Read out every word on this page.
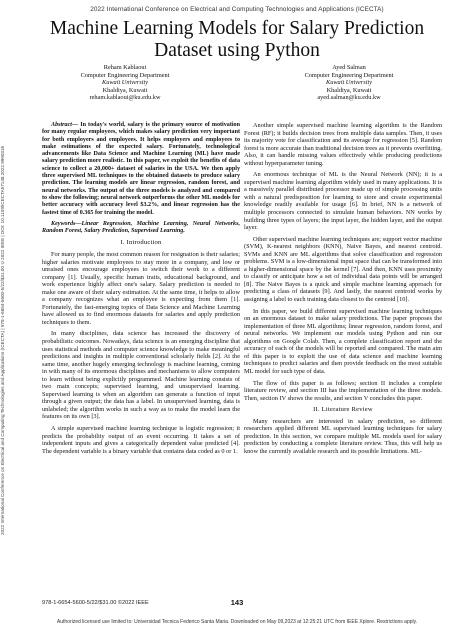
2022 International Conference on Electrical and Computing Technologies and Applications (ICECTA)
2022 International Conference on Electrical and Computing Technologies and Applications (ICECTA) | 978-1-6654-5600-5/22/$31.00 ©2022 IEEE | DOI: 10.1109/ICECTA57148.2022.9990316
Machine Learning Models for Salary Prediction Dataset using Python
Reham Kablaoui
Computer Engineering Department
Kuwait University
Khaldiya, Kuwait
reham.kablaoui@ku.edu.kw
Ayed Salman
Computer Engineering Department
Kuwait University
Khaldiya, Kuwait
ayed.salman@ku.edu.kw

Abstract— In today's world, salary is the primary source of motivation for many regular employees, which makes salary prediction very important for both employers and employees. It helps employers and employees to make estimations of the expected salary. Fortunately, technological advancements like Data Science and Machine Learning (ML) have made salary prediction more realistic. In this paper, we exploit the benefits of data science to collect a 20,000+ dataset of salaries in the USA. We then apply three supervised ML techniques to the obtained datasets to produce salary prediction. The learning models are linear regression, random forest, and neural networks. The output of the three models is analyzed and compared to show the following; neural network outperforms the other ML models for better accuracy with accuracy level $3.2%, and linear regression has the fastest time of 0.365 for training the model.

Keywords—Linear Regression, Machine Learning, Neural Networks, Random Forest, Salary Prediction, Supervised Learning.

I. Introduction

For many people, the most common reason for resignation is their salaries; higher salaries motivate employees to stay more in a company, and low or unraised ones encourage employees to switch their work to a different company [1]. Usually, specific human traits, educational background, and work experience highly affect one's salary. Salary prediction is needed to make one aware of their salary estimation. At the same time, it helps to allow a company recognizes what an employee is expecting from them [1]. Fortunately, the fast-emerging topics of Data Science and Machine Learning have allowed us to find enormous datasets for salaries and apply prediction techniques to them.

In many disciplines, data science has increased the discovery of probabilistic outcomes. Nowadays, data science is an emerging discipline that uses statistical methods and computer science knowledge to make meaningful predictions and insights in multiple conventional scholarly fields [2]. At the same time, another hugely emerging technology is machine learning, coming in with many of its enormous disciplines and mechanisms to allow computers to learn without being explicitly programmed. Machine learning consists of two main concepts; supervised learning, and unsupervised learning. Supervised learning is when an algorithm can generate a function of input through a given output; the data has a label. In unsupervised learning, data is unlabeled; the algorithm works in such a way as to make the model learn the features on its own [3].

A simple supervised machine learning technique is logistic regression; it predicts the probability output of an event occurring. It takes a set of independent inputs and gives a categorically dependent value predicted [4]. The dependent variable is a binary variable that contains data coded as 0 or 1.

Another simple supervised machine learning algorithm is the Random Forest (RF); it builds decision trees from multiple data samples. Then, it uses its majority vote for classification and its average for regression [5]. Random forest is more accurate than traditional decision trees as it prevents overfitting. Also, it can handle missing values effectively while producing predictions without hyperparameter tuning.

An enormous technique of ML is the Neural Network (NN); it is a supervised machine learning algorithm widely used in many applications. It is a massively parallel distributed processor made up of simple processing units with a natural predisposition for learning to store and create experimental knowledge readily available for usage [6]. In brief, NN is a network of multiple processors connected to simulate human behaviors. NN works by building three types of layers; the input layer, the hidden layer, and the output layer.

Other supervised machine learning techniques are; support vector machine (SVM), K-nearest neighbors (KNN), Naive Bayes, and nearest centroid. SVMs and KNN are ML algorithms that solve classification and regression problems. SVM is a low-dimensional input space that can be transformed into a higher-dimensional space by the kernel [7]. And then, KNN uses proximity to classify or anticipate how a set of individual data points will be arranged [8]. The Naive Bayes is a quick and simple machine learning approach for predicting a class of datasets [9]. And lastly, the nearest centroid works by assigning a label to each training data closest to the centroid [10].

In this paper, we build different supervised machine learning techniques on an enormous dataset to make salary predictions. The paper proposes the implementation of three ML algorithms; linear regression, random forest, and neural networks. We implement our models using Python and run our algorithms on Google Colab. Then, a complete classification report and the accuracy of each of the models will be reported and compared. The main aim of this paper is to exploit the use of data science and machine learning techniques to predict salaries and then provide feedback on the most suitable ML model for such type of data.

The flow of this paper is as follows; section II includes a complete literature review, and section III has the implementation of the three models. Then, section IV shows the results, and section V concludes this paper.

II. Literature Review

Many researchers are interested in salary prediction, so different researchers applied different ML supervised learning techniques for salary prediction. In this section, we compare multiple ML models used for salary prediction by conducting a complete literature review. Thus, this will help us know the currently available research and its possible limitations. ML-

978-1-6654-5600-5/22/$31.00 ©2022 IEEE	143
Authorized licensed use limited to: Universidad Tecnica Federico Santa Maria. Downloaded on May 09,2023 at 12:25:21 UTC from IEEE Xplore. Restrictions apply.
